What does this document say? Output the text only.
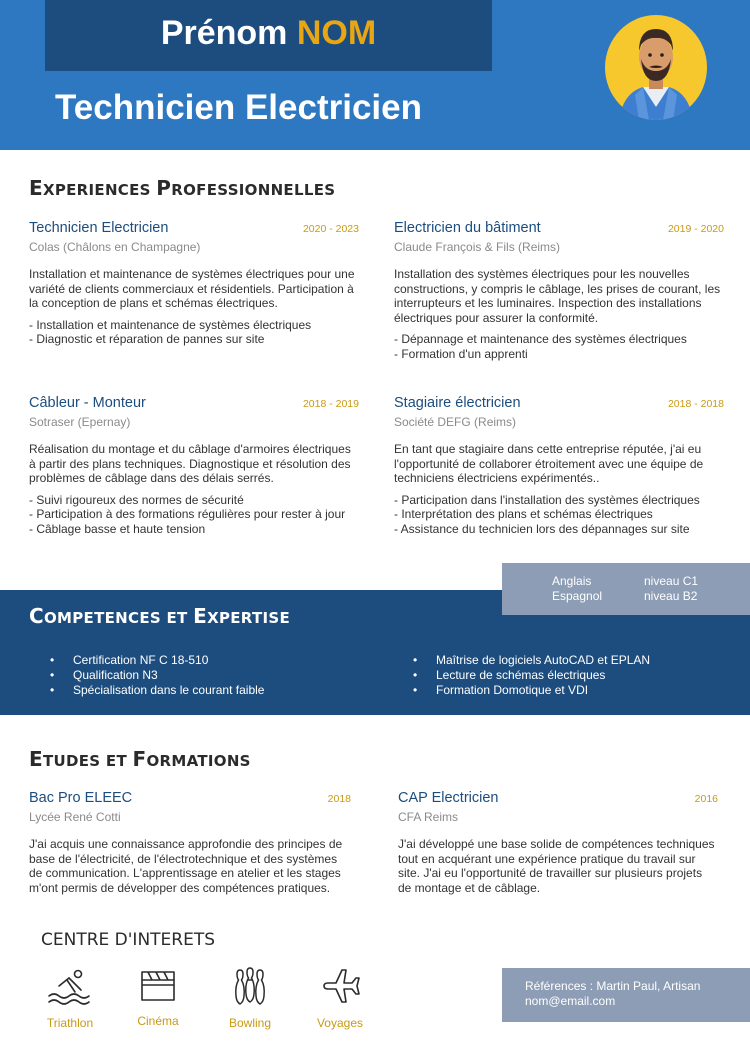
Prénom NOM
Technicien Electricien
EXPERIENCES PROFESSIONNELLES
Technicien Electricien	2020 - 2023
Colas (Châlons en Champagne)
Installation et maintenance de systèmes électriques pour une variété de clients commerciaux et résidentiels. Participation à la conception de plans et schémas électriques.
- Installation et maintenance de systèmes électriques
- Diagnostic et réparation de pannes sur site
Electricien du bâtiment	2019 - 2020
Claude François & Fils (Reims)
Installation des systèmes électriques pour les nouvelles constructions, y compris le câblage, les prises de courant, les interrupteurs et les luminaires. Inspection des installations électriques pour assurer la conformité.
- Dépannage et maintenance des systèmes électriques
- Formation d'un apprenti
Câbleur - Monteur	2018 - 2019
Sotraser (Epernay)
Réalisation du montage et du câblage d'armoires électriques à partir des plans techniques. Diagnostique et résolution des problèmes de câblage dans des délais serrés.
- Suivi rigoureux des normes de sécurité
- Participation à des formations régulières pour rester à jour
- Câblage basse et haute tension
Stagiaire électricien	2018 - 2018
Société DEFG (Reims)
En tant que stagiaire dans cette entreprise réputée, j'ai eu l'opportunité de collaborer étroitement avec une équipe de techniciens électriciens expérimentés..
- Participation dans l'installation des systèmes électriques
- Interprétation des plans et schémas électriques
- Assistance du technicien lors des dépannages sur site
Anglais	niveau C1
Espagnol	niveau B2
COMPETENCES ET EXPERTISE
• Certification NF C 18-510
• Qualification N3
• Spécialisation dans le courant faible
• Maîtrise de logiciels AutoCAD et EPLAN
• Lecture de schémas électriques
• Formation Domotique et VDI
ETUDES ET FORMATIONS
Bac Pro ELEEC	2018
Lycée René Cotti
J'ai acquis une connaissance approfondie des principes de base de l'électricité, de l'électrotechnique et des systèmes de communication. L'apprentissage en atelier et les stages m'ont permis de développer des compétences pratiques.
CAP Electricien	2016
CFA Reims
J'ai développé une base solide de compétences techniques tout en acquérant une expérience pratique du travail sur site. J'ai eu l'opportunité de travailler sur plusieurs projets de montage et de câblage.
CENTRE D'INTERETS
Triathlon	Cinéma	Bowling	Voyages
Références : Martin Paul, Artisan
nom@email.com
